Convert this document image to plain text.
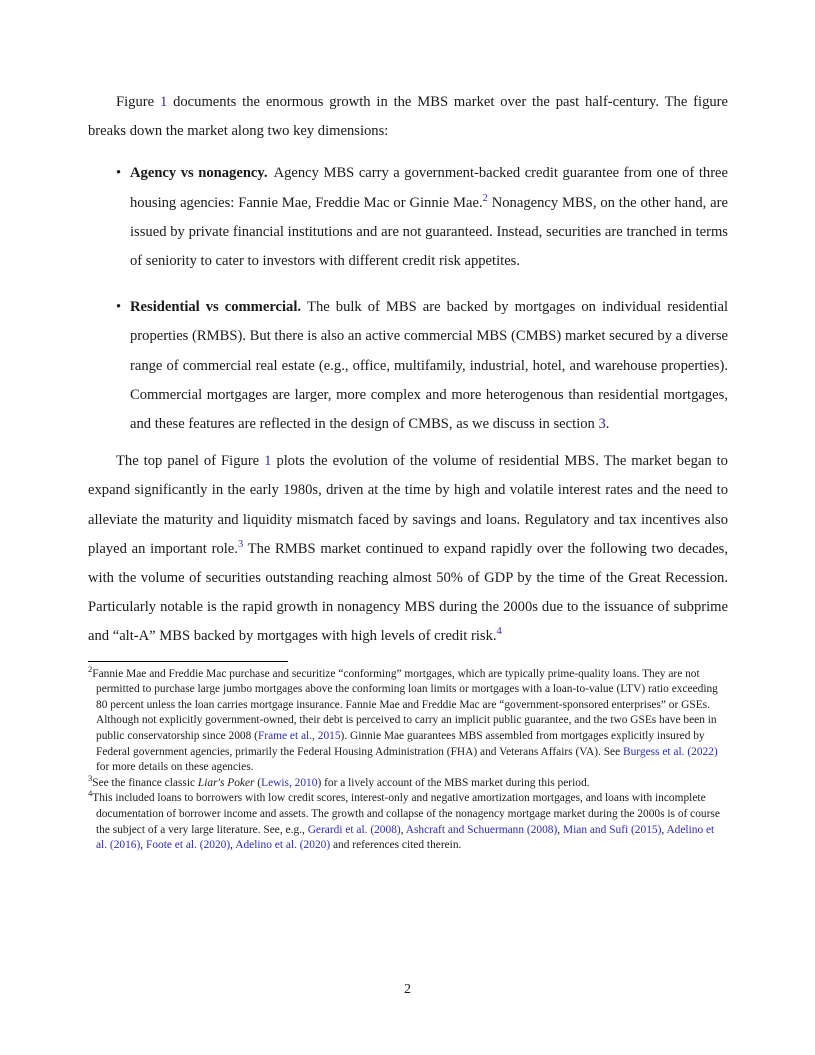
Figure 1 documents the enormous growth in the MBS market over the past half-century. The figure breaks down the market along two key dimensions:

• Agency vs nonagency. Agency MBS carry a government-backed credit guarantee from one of three housing agencies: Fannie Mae, Freddie Mac or Ginnie Mae.$^2$ Nonagency MBS, on the other hand, are issued by private financial institutions and are not guaranteed. Instead, securities are tranched in terms of seniority to cater to investors with different credit risk appetites.
• Residential vs commercial. The bulk of MBS are backed by mortgages on individual residential properties (RMBS). But there is also an active commercial MBS (CMBS) market secured by a diverse range of commercial real estate (e.g., office, multifamily, industrial, hotel, and warehouse properties). Commercial mortgages are larger, more complex and more heterogenous than residential mortgages, and these features are reflected in the design of CMBS, as we discuss in section 3.

The top panel of Figure 1 plots the evolution of the volume of residential MBS. The market began to expand significantly in the early 1980s, driven at the time by high and volatile interest rates and the need to alleviate the maturity and liquidity mismatch faced by savings and loans. Regulatory and tax incentives also played an important role.$^3$ The RMBS market continued to expand rapidly over the following two decades, with the volume of securities outstanding reaching almost 50% of GDP by the time of the Great Recession. Particularly notable is the rapid growth in nonagency MBS during the 2000s due to the issuance of subprime and “alt-A” MBS backed by mortgages with high levels of credit risk.$^4$

$^2$Fannie Mae and Freddie Mac purchase and securitize “conforming” mortgages, which are typically prime-quality loans. They are not permitted to purchase large jumbo mortgages above the conforming loan limits or mortgages with a loan-to-value (LTV) ratio exceeding 80 percent unless the loan carries mortgage insurance. Fannie Mae and Freddie Mac are “government-sponsored enterprises” or GSEs. Although not explicitly government-owned, their debt is perceived to carry an implicit public guarantee, and the two GSEs have been in public conservatorship since 2008 (Frame et al., 2015). Ginnie Mae guarantees MBS assembled from mortgages explicitly insured by Federal government agencies, primarily the Federal Housing Administration (FHA) and Veterans Affairs (VA). See Burgess et al. (2022) for more details on these agencies.

$^3$See the finance classic Liar's Poker (Lewis, 2010) for a lively account of the MBS market during this period.

$^4$This included loans to borrowers with low credit scores, interest-only and negative amortization mortgages, and loans with incomplete documentation of borrower income and assets. The growth and collapse of the nonagency mortgage market during the 2000s is of course the subject of a very large literature. See, e.g., Gerardi et al. (2008), Ashcraft and Schuermann (2008), Mian and Sufi (2015), Adelino et al. (2016), Foote et al. (2020), Adelino et al. (2020) and references cited therein.

2
